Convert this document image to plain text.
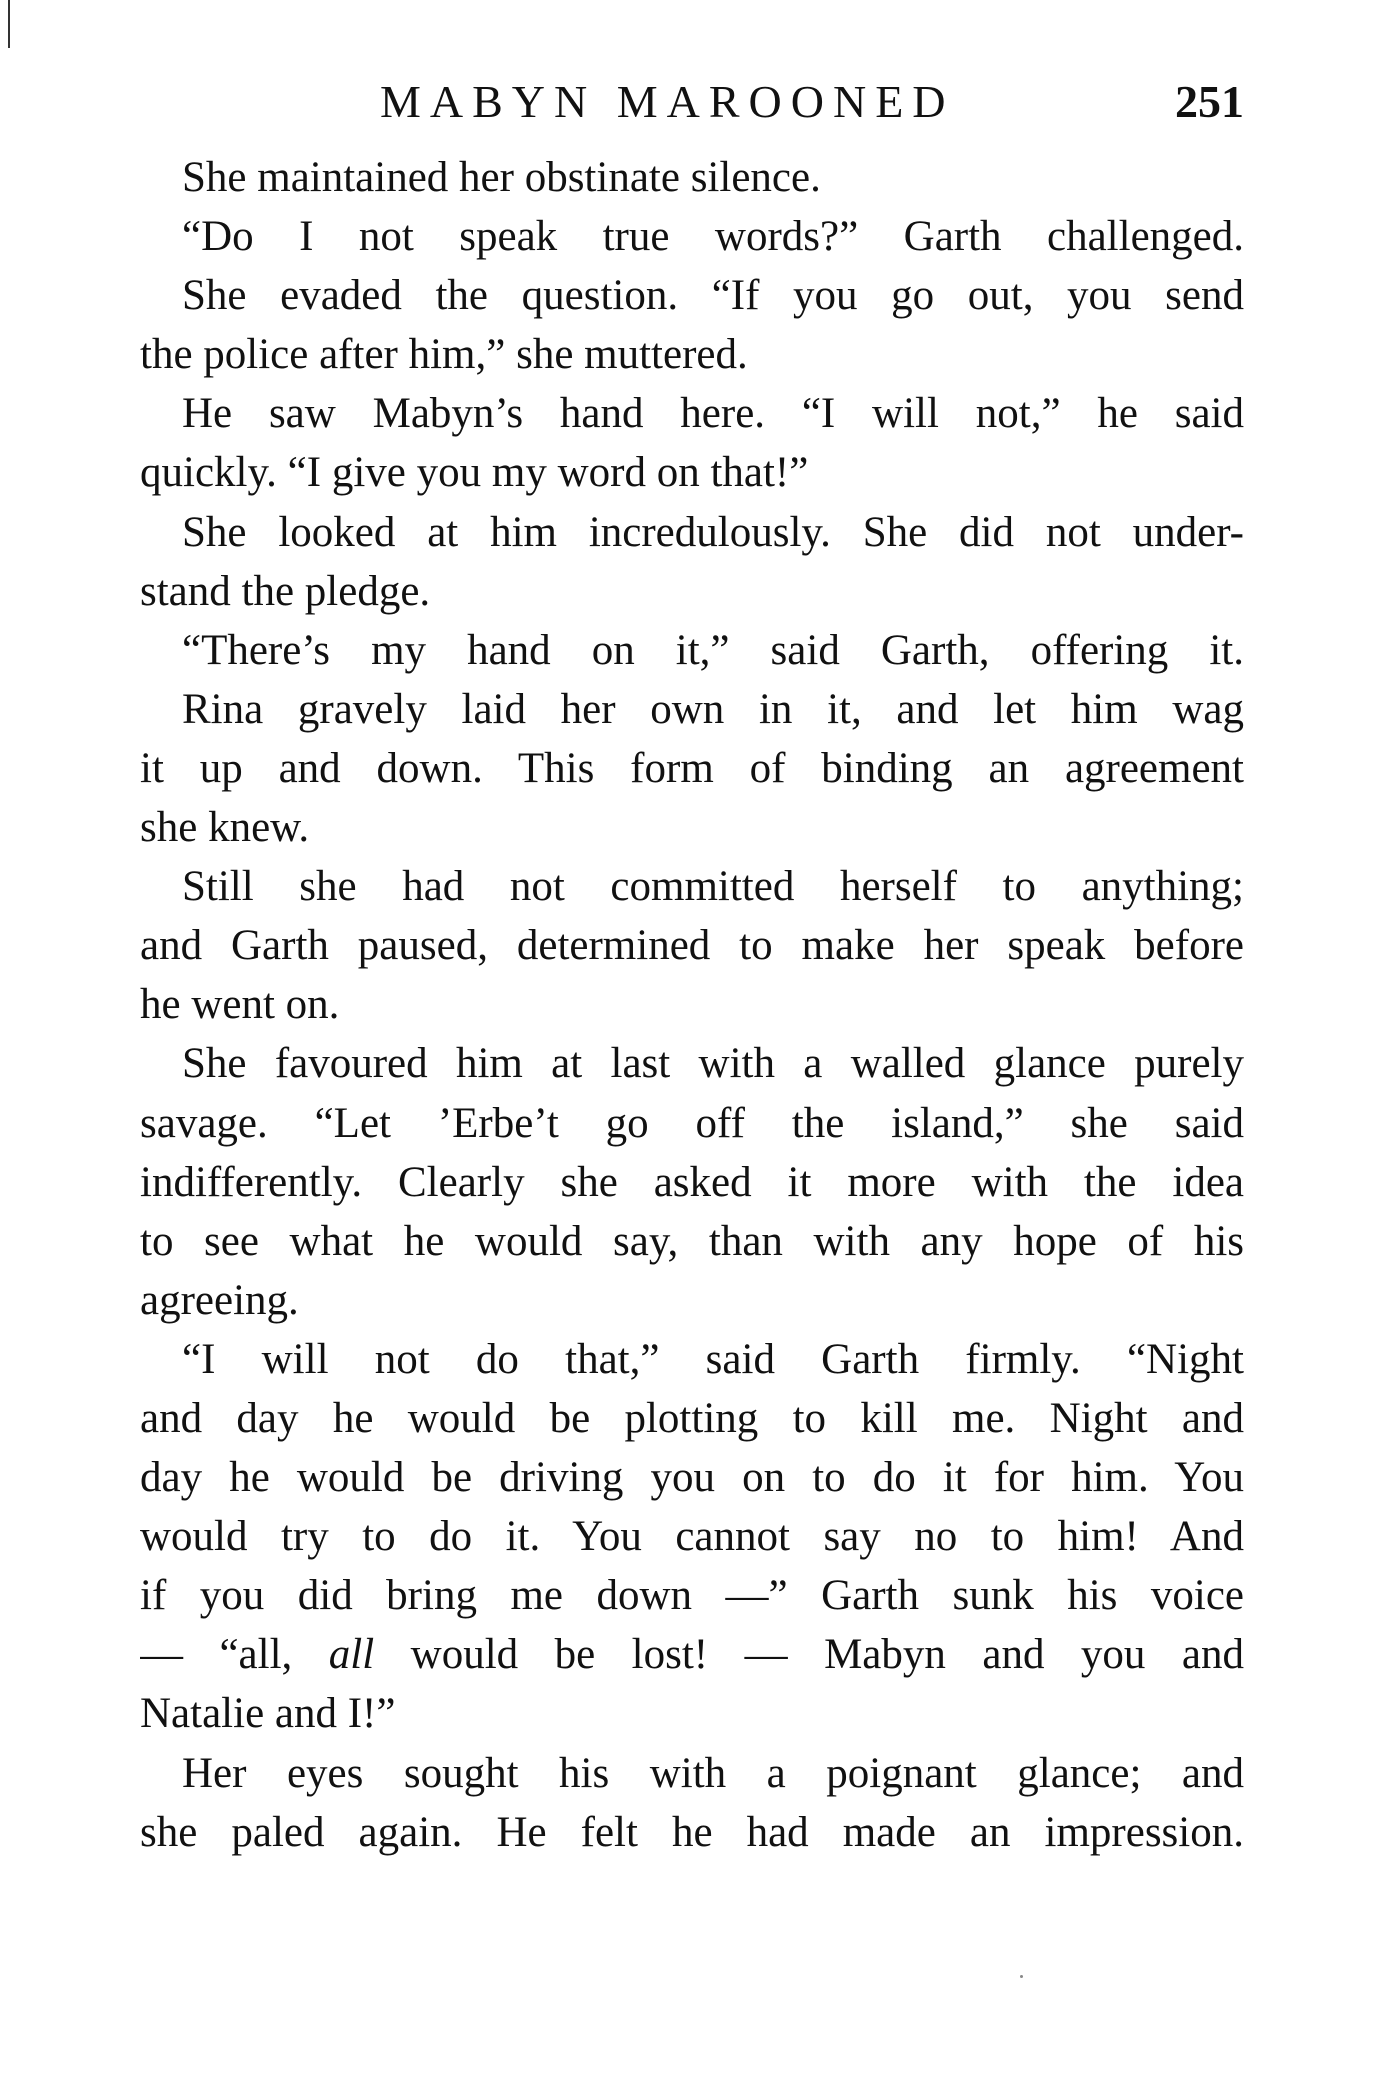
MABYN MAROONED	251
She maintained her obstinate silence.
“Do I not speak true words?” Garth challenged.
She evaded the question. “If you go out, you send
the police after him,” she muttered.
He saw Mabyn’s hand here. “I will not,” he said
quickly. “I give you my word on that!”
She looked at him incredulously. She did not under-
stand the pledge.
“There’s my hand on it,” said Garth, offering it.
Rina gravely laid her own in it, and let him wag
it up and down. This form of binding an agreement
she knew.
Still she had not committed herself to anything;
and Garth paused, determined to make her speak before
he went on.
She favoured him at last with a walled glance purely
savage. “Let ’Erbe’t go off the island,” she said
indifferently. Clearly she asked it more with the idea
to see what he would say, than with any hope of his
agreeing.
“I will not do that,” said Garth firmly. “Night
and day he would be plotting to kill me. Night and
day he would be driving you on to do it for him. You
would try to do it. You cannot say no to him! And
if you did bring me down —” Garth sunk his voice
— “all, all would be lost! — Mabyn and you and
Natalie and I!”
Her eyes sought his with a poignant glance; and
she paled again. He felt he had made an impression.
